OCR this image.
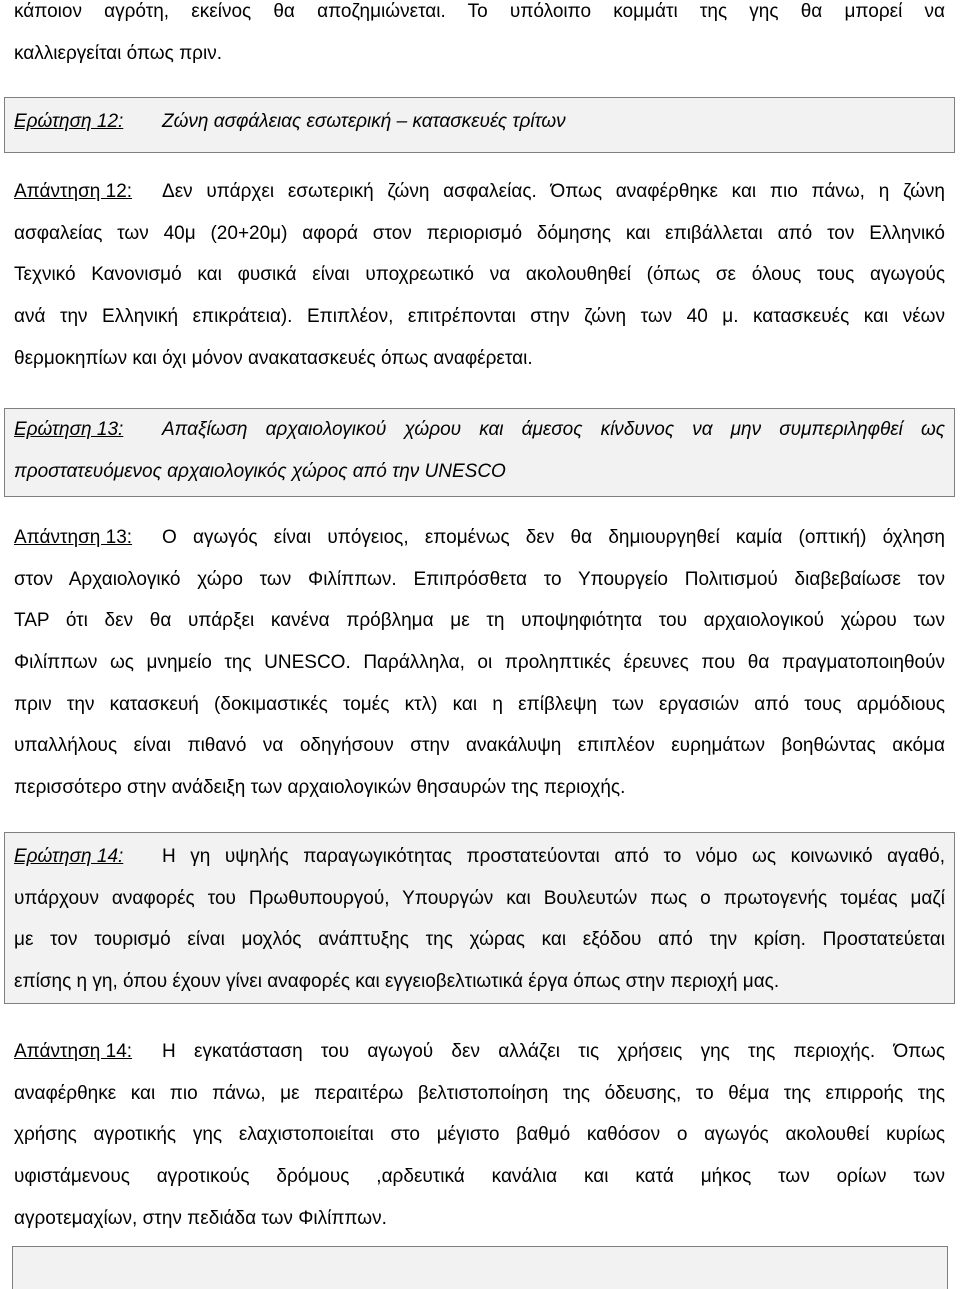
κάποιον αγρότη, εκείνος θα αποζημιώνεται. Το υπόλοιπο κομμάτι της γης θα μπορεί να
καλλιεργείται όπως πριν.
Ερώτηση 12:	Ζώνη ασφάλειας εσωτερική – κατασκευές τρίτων
Απάντηση 12:	Δεν υπάρχει εσωτερική ζώνη ασφαλείας. Όπως αναφέρθηκε και πιο πάνω, η ζώνη
ασφαλείας των 40μ (20+20μ) αφορά στον περιορισμό δόμησης και επιβάλλεται από τον Ελληνικό
Τεχνικό Κανονισμό και φυσικά είναι υποχρεωτικό να ακολουθηθεί (όπως σε όλους τους αγωγούς
ανά την Ελληνική επικράτεια). Επιπλέον, επιτρέπονται στην ζώνη των 40 μ. κατασκευές και νέων
θερμοκηπίων και όχι μόνον ανακατασκευές όπως αναφέρεται.
Ερώτηση 13:	Απαξίωση αρχαιολογικού χώρου και άμεσος κίνδυνος να μην συμπεριληφθεί ως
προστατευόμενος αρχαιολογικός χώρος από την UNESCO
Απάντηση 13:	Ο αγωγός είναι υπόγειος, επομένως δεν θα δημιουργηθεί καμία (οπτική) όχληση
στον Αρχαιολογικό χώρο των Φιλίππων. Επιπρόσθετα το Υπουργείο Πολιτισμού διαβεβαίωσε τον
TAP ότι δεν θα υπάρξει κανένα πρόβλημα με τη υποψηφιότητα του αρχαιολογικού χώρου των
Φιλίππων ως μνημείο της UNESCO. Παράλληλα, οι προληπτικές έρευνες που θα πραγματοποιηθούν
πριν την κατασκευή (δοκιμαστικές τομές κτλ) και η επίβλεψη των εργασιών από τους αρμόδιους
υπαλλήλους είναι πιθανό να οδηγήσουν στην ανακάλυψη επιπλέον ευρημάτων βοηθώντας ακόμα
περισσότερο στην ανάδειξη των αρχαιολογικών θησαυρών της περιοχής.
Ερώτηση 14:	Η γη υψηλής παραγωγικότητας προστατεύονται από το νόμο ως κοινωνικό αγαθό,
υπάρχουν αναφορές του Πρωθυπουργού, Υπουργών και Βουλευτών πως ο πρωτογενής τομέας μαζί
με τον τουρισμό είναι μοχλός ανάπτυξης της χώρας και εξόδου από την κρίση. Προστατεύεται
επίσης η γη, όπου έχουν γίνει αναφορές και εγγειοβελτιωτικά έργα όπως στην περιοχή μας.
Απάντηση 14:	Η εγκατάσταση του αγωγού δεν αλλάζει τις χρήσεις γης της περιοχής. Όπως
αναφέρθηκε και πιο πάνω, με περαιτέρω βελτιστοποίηση της όδευσης, το θέμα της επιρροής της
χρήσης αγροτικής γης ελαχιστοποιείται στο μέγιστο βαθμό καθόσον ο αγωγός ακολουθεί κυρίως
υφιστάμενους αγροτικούς δρόμους ,αρδευτικά κανάλια και κατά μήκος των ορίων των
αγροτεμαχίων, στην πεδιάδα των Φιλίππων.
